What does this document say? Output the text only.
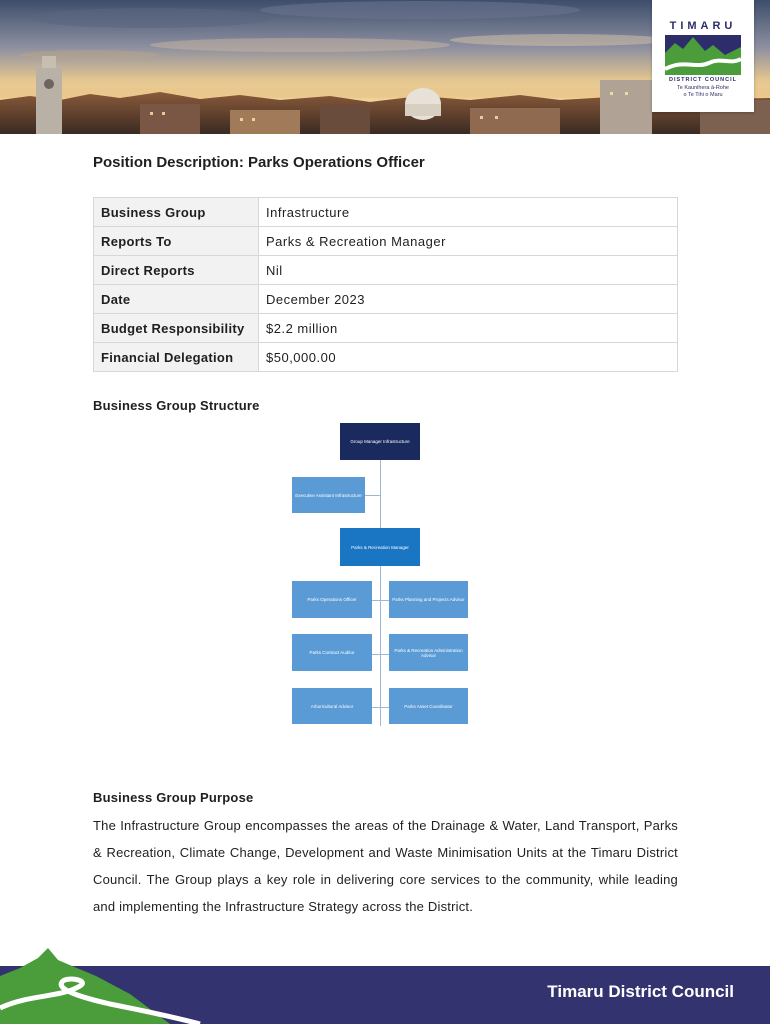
TIMARU
DISTRICT COUNCIL
Te Kaunihera ā-Rohe
o Te Tihi o Maru
Position Description: Parks Operations Officer
Business Group	Infrastructure
Reports To	Parks & Recreation Manager
Direct Reports	Nil
Date	December 2023
Budget Responsibility	$2.2 million
Financial Delegation	$50,000.00
Business Group Structure
Group Manager Infrastructure
Executive Assistant Infrastructure
Parks & Recreation Manager
Parks Operations Officer
Parks Contract Auditor
Arboricultural Advisor
Parks Planning and Projects Advisor
Parks & Recreation Administration Advisor
Parks Asset Coordinator
Business Group Purpose

The Infrastructure Group encompasses the areas of the Drainage & Water, Land Transport, Parks & Recreation, Climate Change, Development and Waste Minimisation Units at the Timaru District Council. The Group plays a key role in delivering core services to the community, while leading and implementing the Infrastructure Strategy across the District.

Timaru District Council
